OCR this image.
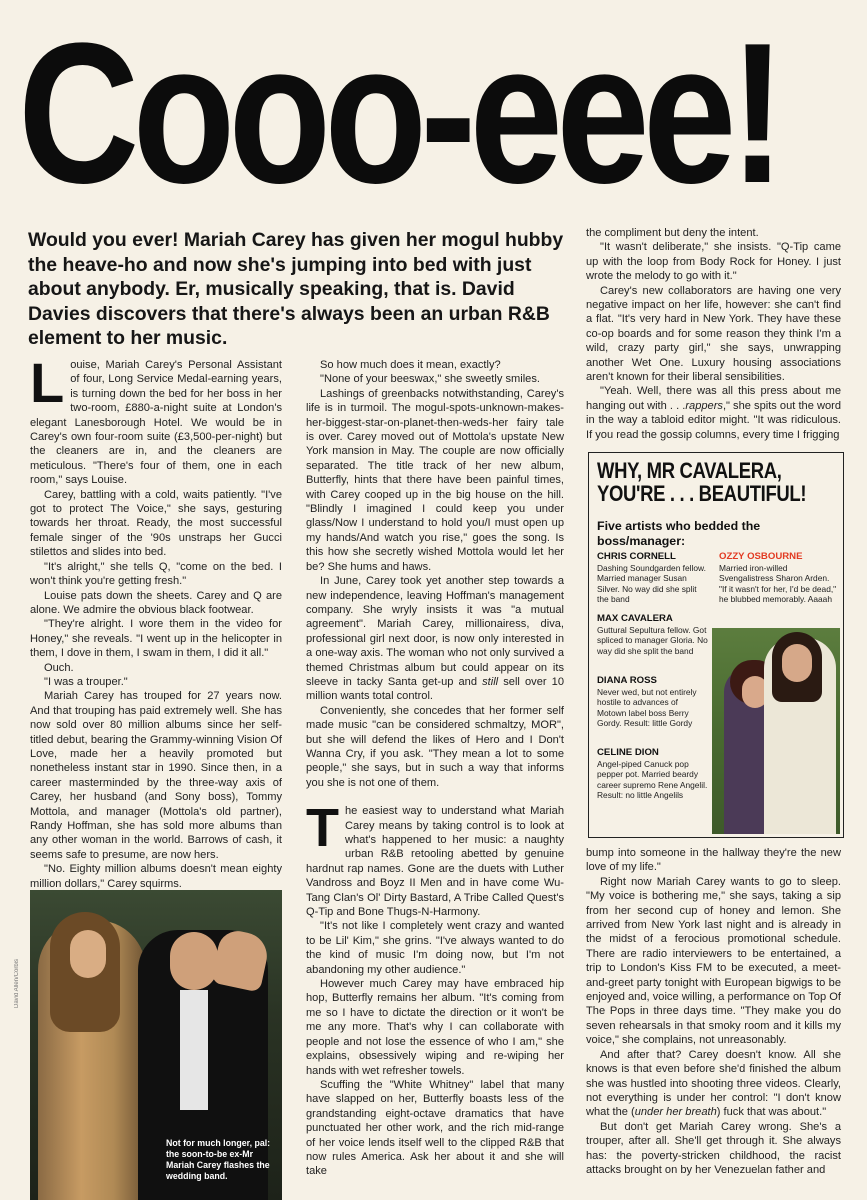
Cooo-eee!
Would you ever! Mariah Carey has given her mogul hubby the heave-ho and now she's jumping into bed with just about anybody. Er, musically speaking, that is. David Davies discovers that there's always been an urban R&B element to her music.

Louise, Mariah Carey's Personal Assistant of four, Long Service Medal-earning years, is turning down the bed for her boss in her two-room, £880-a-night suite at London's elegant Lanesborough Hotel. We would be in Carey's own four-room suite (£3,500-per-night) but the cleaners are in, and the cleaners are meticulous. "There's four of them, one in each room," says Louise.

Carey, battling with a cold, waits patiently. "I've got to protect The Voice," she says, gesturing towards her throat. Ready, the most successful female singer of the '90s unstraps her Gucci stilettos and slides into bed.

"It's alright," she tells Q, "come on the bed. I won't think you're getting fresh."

Louise pats down the sheets. Carey and Q are alone. We admire the obvious black footwear.

"They're alright. I wore them in the video for Honey," she reveals. "I went up in the helicopter in them, I dove in them, I swam in them, I did it all."

Ouch.

"I was a trouper."

Mariah Carey has trouped for 27 years now. And that trouping has paid extremely well. She has now sold over 80 million albums since her self-titled debut, bearing the Grammy-winning Vision Of Love, made her a heavily promoted but nonetheless instant star in 1990. Since then, in a career masterminded by the three-way axis of Carey, her husband (and Sony boss), Tommy Mottola, and manager (Mottola's old partner), Randy Hoffman, she has sold more albums than any other woman in the world. Barrows of cash, it seems safe to presume, are now hers.

"No. Eighty million albums doesn't mean eighty million dollars," Carey squirms.

David Allen/Corbis
Not for much longer, pal: the soon-to-be ex-Mr Mariah Carey flashes the wedding band.

So how much does it mean, exactly?

"None of your beeswax," she sweetly smiles.

Lashings of greenbacks notwithstanding, Carey's life is in turmoil. The mogul-spots-unknown-makes-her-biggest-star-on-planet-then-weds-her fairy tale is over. Carey moved out of Mottola's upstate New York mansion in May. The couple are now officially separated. The title track of her new album, Butterfly, hints that there have been painful times, with Carey cooped up in the big house on the hill. "Blindly I imagined I could keep you under glass/Now I understand to hold you/I must open up my hands/And watch you rise," goes the song. Is this how she secretly wished Mottola would let her be? She hums and haws.

In June, Carey took yet another step towards a new independence, leaving Hoffman's management company. She wryly insists it was "a mutual agreement". Mariah Carey, millionairess, diva, professional girl next door, is now only interested in a one-way axis. The woman who not only survived a themed Christmas album but could appear on its sleeve in tacky Santa get-up and still sell over 10 million wants total control.

Conveniently, she concedes that her former self made music "can be considered schmaltzy, MOR", but she will defend the likes of Hero and I Don't Wanna Cry, if you ask. "They mean a lot to some people," she says, but in such a way that informs you she is not one of them.

The easiest way to understand what Mariah Carey means by taking control is to look at what's happened to her music: a naughty urban R&B retooling abetted by genuine hardnut rap names. Gone are the duets with Luther Vandross and Boyz II Men and in have come Wu-Tang Clan's Ol' Dirty Bastard, A Tribe Called Quest's Q-Tip and Bone Thugs-N-Harmony.

"It's not like I completely went crazy and wanted to be Lil' Kim," she grins. "I've always wanted to do the kind of music I'm doing now, but I'm not abandoning my other audience."

However much Carey may have embraced hip hop, Butterfly remains her album. "It's coming from me so I have to dictate the direction or it won't be me any more. That's why I can collaborate with people and not lose the essence of who I am," she explains, obsessively wiping and re-wiping her hands with wet refresher towels.

Scuffing the "White Whitney" label that many have slapped on her, Butterfly boasts less of the grandstanding eight-octave dramatics that have punctuated her other work, and the rich mid-range of her voice lends itself well to the clipped R&B that now rules America. Ask her about it and she will take

the compliment but deny the intent.

"It wasn't deliberate," she insists. "Q-Tip came up with the loop from Body Rock for Honey. I just wrote the melody to go with it."

Carey's new collaborators are having one very negative impact on her life, however: she can't find a flat. "It's very hard in New York. They have these co-op boards and for some reason they think I'm a wild, crazy party girl," she says, unwrapping another Wet One. Luxury housing associations aren't known for their liberal sensibilities.

"Yeah. Well, there was all this press about me hanging out with . . .rappers," she spits out the word in the way a tabloid editor might. "It was ridiculous. If you read the gossip columns, every time I frigging

WHY, MR CAVALERA,
YOU'RE . . . BEAUTIFUL!
Five artists who bedded the boss/manager:
CHRIS CORNELL
Dashing Soundgarden fellow. Married manager Susan Silver. No way did she split the band
MAX CAVALERA
Guttural Sepultura fellow. Got spliced to manager Gloria. No way did she split the band
DIANA ROSS
Never wed, but not entirely hostile to advances of Motown label boss Berry Gordy. Result: little Gordy
CELINE DION
Angel-piped Canuck pop pepper pot. Married beardy career supremo Rene Angelil. Result: no little Angelils
OZZY OSBOURNE
Married iron-willed Svengalistress Sharon Arden. "If it wasn't for her, I'd be dead," he blubbed memorably. Aaaah

bump into someone in the hallway they're the new love of my life."

Right now Mariah Carey wants to go to sleep. "My voice is bothering me," she says, taking a sip from her second cup of honey and lemon. She arrived from New York last night and is already in the midst of a ferocious promotional schedule. There are radio interviewers to be entertained, a trip to London's Kiss FM to be executed, a meet-and-greet party tonight with European bigwigs to be enjoyed and, voice willing, a performance on Top Of The Pops in three days time. "They make you do seven rehearsals in that smoky room and it kills my voice," she complains, not unreasonably.

And after that? Carey doesn't know. All she knows is that even before she'd finished the album she was hustled into shooting three videos. Clearly, not everything is under her control: "I don't know what the (under her breath) fuck that was about."

But don't get Mariah Carey wrong. She's a trouper, after all. She'll get through it. She always has: the poverty-stricken childhood, the racist attacks brought on by her Venezuelan father and
